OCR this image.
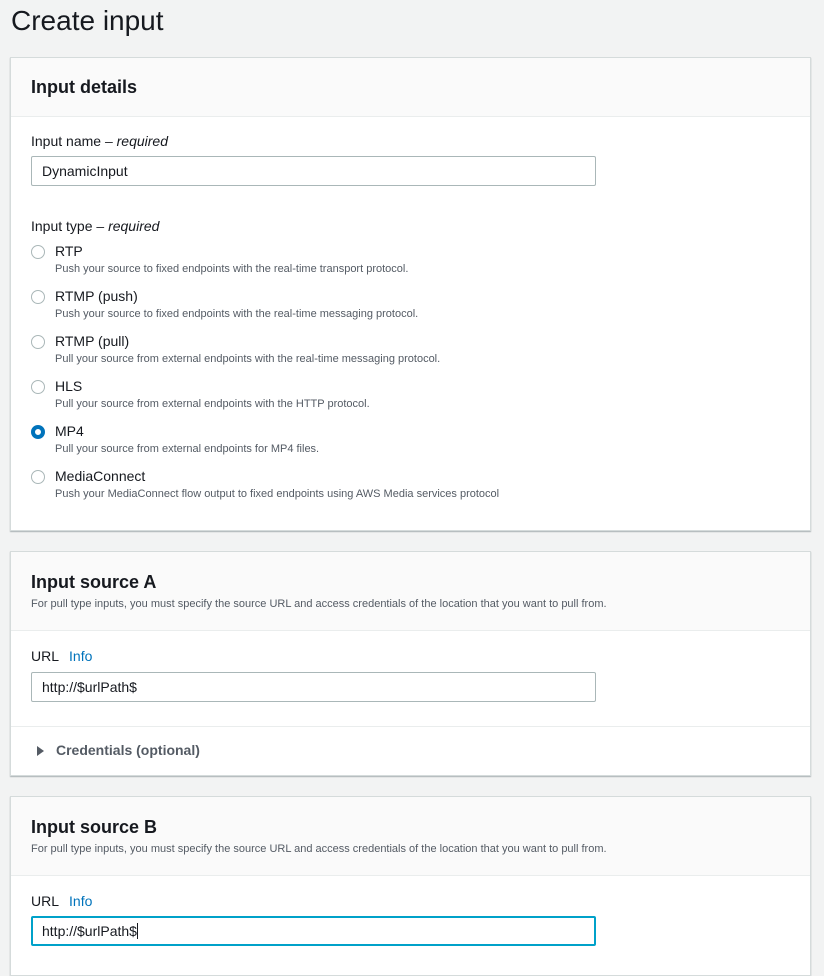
Create input
Input details
Input name – required
DynamicInput
Input type – required
RTP
Push your source to fixed endpoints with the real-time transport protocol.
RTMP (push)
Push your source to fixed endpoints with the real-time messaging protocol.
RTMP (pull)
Pull your source from external endpoints with the real-time messaging protocol.
HLS
Pull your source from external endpoints with the HTTP protocol.
MP4
Pull your source from external endpoints for MP4 files.
MediaConnect
Push your MediaConnect flow output to fixed endpoints using AWS Media services protocol
Input source A
For pull type inputs, you must specify the source URL and access credentials of the location that you want to pull from.
URL Info
http://$urlPath$
Credentials (optional)
Input source B
For pull type inputs, you must specify the source URL and access credentials of the location that you want to pull from.
URL Info
http://$urlPath$
